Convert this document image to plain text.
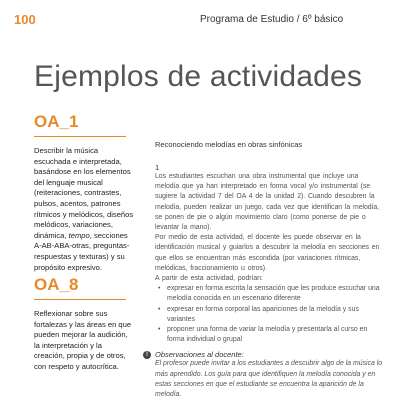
100	Programa de Estudio / 6º básico
Ejemplos de actividades
OA_1

Describir la música escuchada e interpretada, basándose en los elementos del lenguaje musical (reiteraciones, contrastes, pulsos, acentos, patrones rítmicos y melódicos, diseños melódicos, variaciones, dinámica, tempo, secciones A-AB-ABA-otras, preguntas-respuestas y texturas) y su propósito expresivo.

OA_8

Reflexionar sobre sus fortalezas y las áreas en que pueden mejorar la audición, la interpretación y la creación, propia y de otros, con respeto y autocrítica.

Reconociendo melodías en obras sinfónicas

1

Los estudiantes escuchan una obra instrumental que incluye una melodía que ya han interpretado en forma vocal y/o instrumental (se sugiere la actividad 7 del OA 4 de la unidad 2). Cuando descubren la melodía, pueden realizar un juego, cada vez que identifican la melodía, se ponen de pie o algún movimiento claro (como ponerse de pie o levantar la mano).

Por medio de esta actividad, el docente les puede observar en la identificación musical y guiarlos a descubrir la melodía en secciones en que ellos se encuentran más escondida (por variaciones rítmicas, melódicas, fraccionamiento u otros).

A partir de esta actividad, podrían:

• expresar en forma escrita la sensación que les produce escuchar una melodía conocida en un escenario diferente
• expresar en forma corporal las apariciones de la melodía y sus variantes
• proponer una forma de variar la melodía y presentarla al curso en forma individual o grupal

! Observaciones al docente:

El profesor puede invitar a los estudiantes a descubrir algo de la música lo más aprendido. Los guía para que identifiquen la melodía conocida y en estas secciones en que el estudiante se encuentra la aparición de la melodía.
